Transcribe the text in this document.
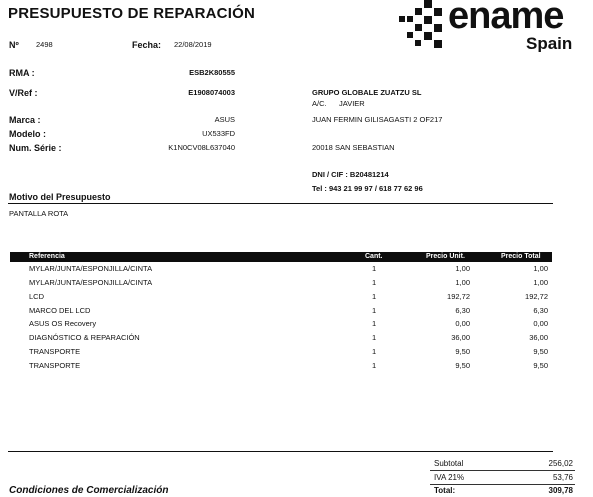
PRESUPUESTO DE REPARACIÓN	ename
Spain
Nº 2498	Fecha: 22/08/2019
RMA :	ESB2K80555
V/Ref :	E1908074003
Marca :	ASUS
Modelo :	UX533FD
Num. Série :	K1N0CV08L637040
GRUPO GLOBALE ZUATZU SL
A/C. JAVIER
JUAN FERMIN GILISAGASTI 2 OF217
20018 SAN SEBASTIAN
DNI / CIF : B20481214
Tel : 943 21 99 97 / 618 77 62 96
Motivo del Presupuesto
PANTALLA ROTA
Referencia	Cant.	Precio Unit.	Precio Total
MYLAR/JUNTA/ESPONJILLA/CINTA	1	1,00	1,00
MYLAR/JUNTA/ESPONJILLA/CINTA	1	1,00	1,00
LCD	1	192,72	192,72
MARCO DEL LCD	1	6,30	6,30
ASUS OS Recovery	1	0,00	0,00
DIAGNÓSTICO & REPARACIÓN	1	36,00	36,00
TRANSPORTE	1	9,50	9,50
TRANSPORTE	1	9,50	9,50
Subtotal	256,02
IVA 21%	53,76
Total:	309,78
Condiciones de Comercialización
